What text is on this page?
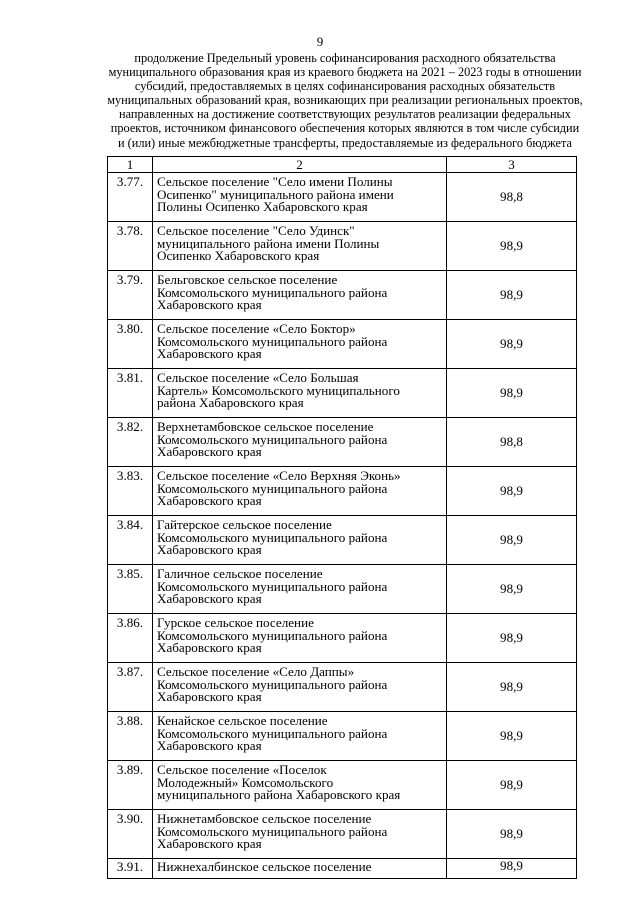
9
продолжение Предельный уровень софинансирования расходного обязательства
муниципального образования края из краевого бюджета на 2021 – 2023 годы в отношении
субсидий, предоставляемых в целях софинансирования расходных обязательств
муниципальных образований края, возникающих при реализации региональных проектов,
направленных на достижение соответствующих результатов реализации федеральных
проектов, источником финансового обеспечения которых являются в том числе субсидии
и (или) иные межбюджетные трансферты, предоставляемые из федерального бюджета
1	2	3
3.77.	Сельское поселение "Село имени Полины
Осипенко" муниципального района имени
Полины Осипенко Хабаровского края	98,8
3.78.	Сельское поселение "Село Удинск"
муниципального района имени Полины
Осипенко Хабаровского края	98,9
3.79.	Бельговское сельское поселение
Комсомольского муниципального района
Хабаровского края	98,9
3.80.	Сельское поселение «Село Боктор»
Комсомольского муниципального района
Хабаровского края	98,9
3.81.	Сельское поселение «Село Большая
Картель» Комсомольского муниципального
района Хабаровского края	98,9
3.82.	Верхнетамбовское сельское поселение
Комсомольского муниципального района
Хабаровского края	98,8
3.83.	Сельское поселение «Село Верхняя Эконь»
Комсомольского муниципального района
Хабаровского края	98,9
3.84.	Гайтерское сельское поселение
Комсомольского муниципального района
Хабаровского края	98,9
3.85.	Галичное сельское поселение
Комсомольского муниципального района
Хабаровского края	98,9
3.86.	Гурское сельское поселение
Комсомольского муниципального района
Хабаровского края	98,9
3.87.	Сельское поселение «Село Даппы»
Комсомольского муниципального района
Хабаровского края	98,9
3.88.	Кенайское сельское поселение
Комсомольского муниципального района
Хабаровского края	98,9
3.89.	Сельское поселение «Поселок
Молодежный» Комсомольского
муниципального района Хабаровского края	98,9
3.90.	Нижнетамбовское сельское поселение
Комсомольского муниципального района
Хабаровского края	98,9
3.91.	Нижнехалбинское сельское поселение	98,9
